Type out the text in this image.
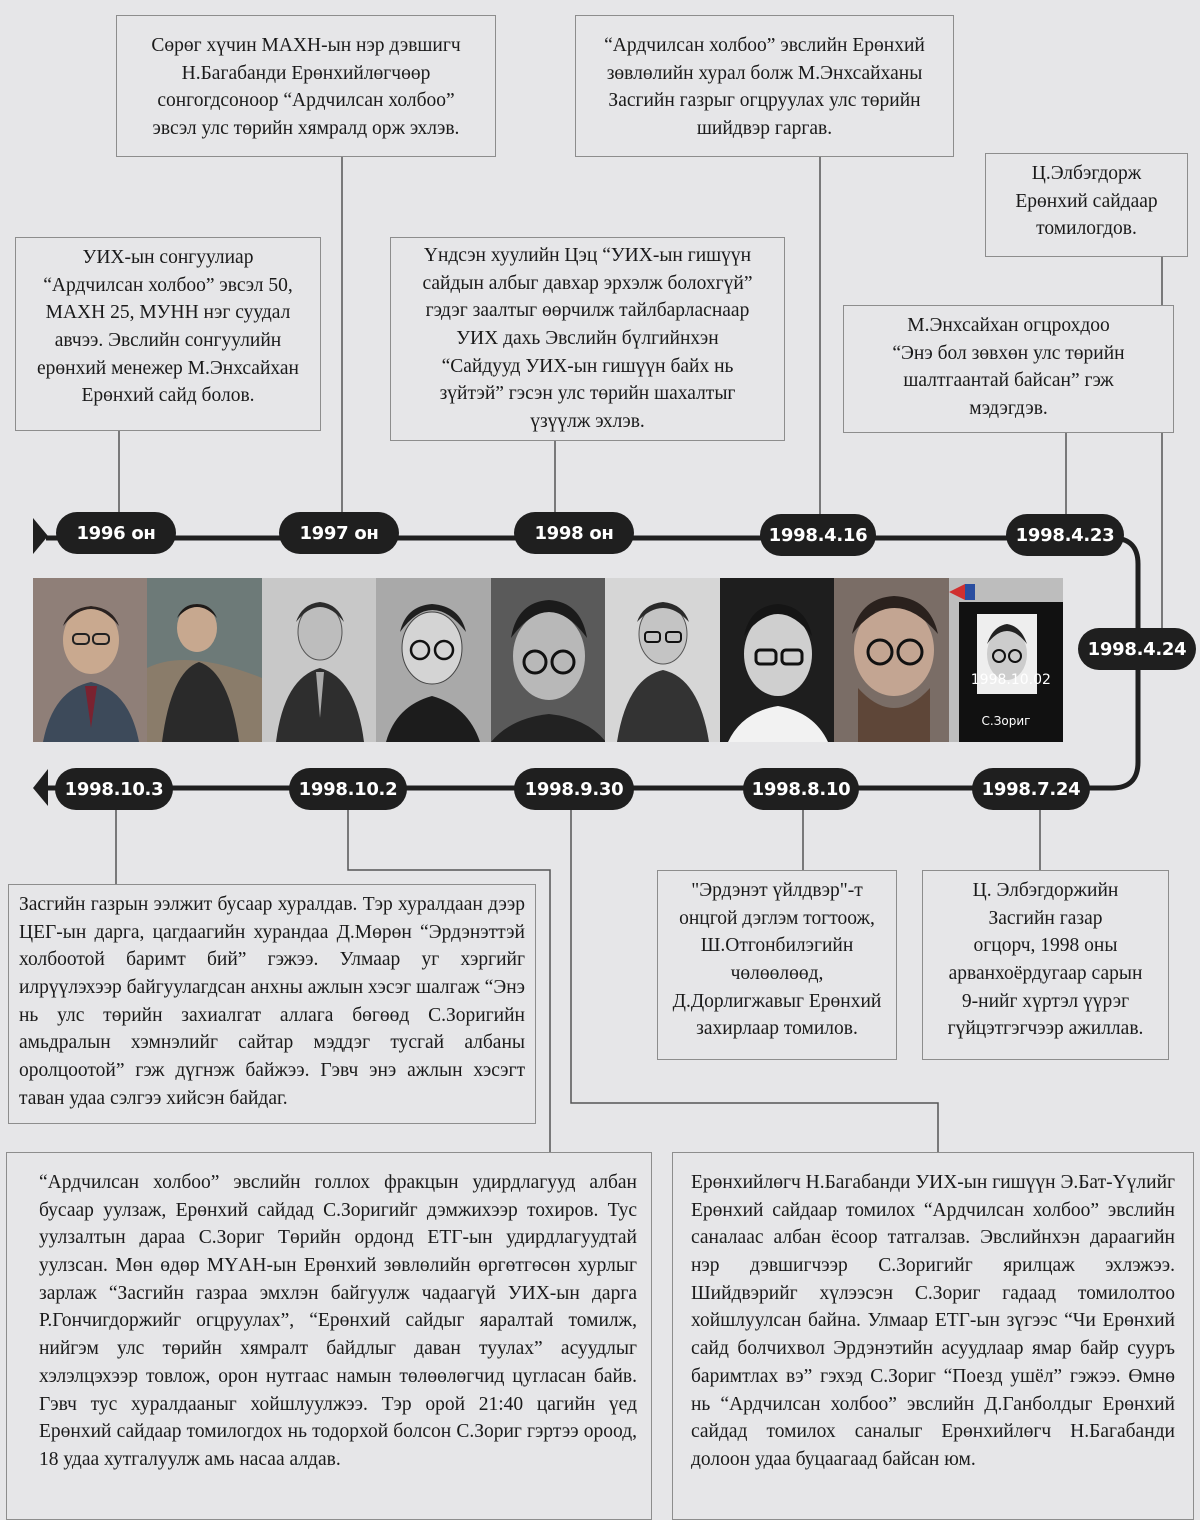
УИХ-ын сонгуулиар
“Ардчилсан холбоо” эвсэл 50,
МАХН 25, МУНН нэг суудал
авчээ. Эвслийн сонгуулийн
ерөнхий менежер М.Энхсайхан
Ерөнхий сайд болов.
Сөрөг хүчин МАХН-ын нэр дэвшигч
Н.Багабанди Ерөнхийлөгчөөр
сонгогдсоноор “Ардчилсан холбоо”
эвсэл улс төрийн хямралд орж эхлэв.
Үндсэн хуулийн Цэц “УИХ-ын гишүүн
сайдын албыг давхар эрхэлж болохгүй”
гэдэг заалтыг өөрчилж тайлбарласнаар
УИХ дахь Эвслийн бүлгийнхэн
“Сайдууд УИХ-ын гишүүн байх нь
зүйтэй” гэсэн улс төрийн шахалтыг
үзүүлж эхлэв.
“Ардчилсан холбоо” эвслийн Ерөнхий
зөвлөлийн хурал болж М.Энхсайханы
Засгийн газрыг огцруулах улс төрийн
шийдвэр гаргав.
М.Энхсайхан огцрохдоо
“Энэ бол зөвхөн улс төрийн
шалтгаантай байсан” гэж
мэдэгдэв.
Ц.Элбэгдорж
Ерөнхий сайдаар
томилогдов.
1996 он	1997 он	1998 он	1998.4.16	1998.4.23
1998.4.24
1998.7.24
1998.8.10
1998.9.30
1998.10.2
1998.10.3
С.Зориг
1998.10.02
Ц. Элбэгдоржийн
Засгийн газар
огцорч, 1998 оны
арванхоёрдугаар сарын
9-нийг хүртэл үүрэг
гүйцэтгэгчээр ажиллав.
"Эрдэнэт үйлдвэр"-т
онцгой дэглэм тогтоож,
Ш.Отгонбилэгийн
чөлөөлөөд,
Д.Дорлигжавыг Ерөнхий
захирлаар томилов.
Ерөнхийлөгч Н.Багабанди УИХ-ын гишүүн Э.Бат-Үүлийг Ерөнхий сайдаар томилох “Ардчилсан холбоо” эвслийн саналаас албан ёсоор татгалзав. Эвслийнхэн дараагийн нэр дэвшигчээр С.Зоригийг ярилцаж эхлэжээ. Шийдвэрийг хүлээсэн С.Зориг гадаад томилолтоо хойшлуулсан байна. Улмаар ЕТГ-ын зүгээс “Чи Ерөнхий сайд болчихвол Эрдэнэтийн асуудлаар ямар байр сууръ баримтлах вэ” гэхэд С.Зориг “Поезд ушёл” гэжээ. Өмнө нь “Ардчилсан холбоо” эвслийн Д.Ганболдыг Ерөнхий сайдад томилох саналыг Ерөнхийлөгч Н.Багабанди долоон удаа буцаагаад байсан юм.
“Ардчилсан холбоо” эвслийн голлох фракцын удирдлагууд албан бусаар уулзаж, Ерөнхий сайдад С.Зоригийг дэмжихээр тохиров. Тус уулзалтын дараа С.Зориг Төрийн ордонд ЕТГ-ын удирдлагуудтай уулзсан. Мөн өдөр МҮАН-ын Ерөнхий зөвлөлийн өргөтгөсөн хурлыг зарлаж “Засгийн газраа эмхлэн байгуулж чадаагүй УИХ-ын дарга Р.Гончигдоржийг огцруулах”, “Ерөнхий сайдыг яаралтай томилж, нийгэм улс төрийн хямралт байдлыг даван туулах” асуудлыг хэлэлцэхээр товлож, орон нутгаас намын төлөөлөгчид цугласан байв. Гэвч тус хуралдааныг хойшлуулжээ. Тэр орой 21:40 цагийн үед Ерөнхий сайдаар томилогдох нь тодорхой болсон С.Зориг гэртээ ороод, 18 удаа хутгалуулж амь насаа алдав.
Засгийн газрын ээлжит бусаар хуралдав. Тэр хуралдаан дээр ЦЕГ-ын дарга, цагдаагийн хурандаа Д.Мөрөн “Эрдэнэттэй холбоотой баримт бий” гэжээ. Улмаар уг хэргийг илрүүлэхээр байгуулагдсан анхны ажлын хэсэг шалгаж “Энэ нь улс төрийн захиалгат аллага бөгөөд С.Зоригийн амьдралын хэмнэлийг сайтар мэддэг тусгай албаны оролцоотой” гэж дүгнэж байжээ. Гэвч энэ ажлын хэсэгт таван удаа сэлгээ хийсэн байдаг.
